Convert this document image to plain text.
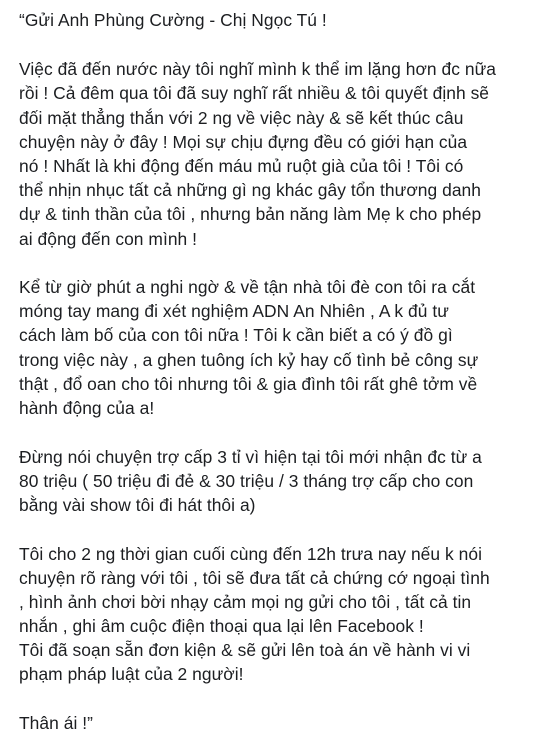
“Gửi Anh Phùng Cường - Chị Ngọc Tú !
Việc đã đến nước này tôi nghĩ mình k thể im lặng hơn đc nữa
rồi ! Cả đêm qua tôi đã suy nghĩ rất nhiều & tôi quyết định sẽ
đối mặt thẳng thắn với 2 ng về việc này & sẽ kết thúc câu
chuyện này ở đây ! Mọi sự chịu đựng đều có giới hạn của
nó ! Nhất là khi động đến máu mủ ruột già của tôi ! Tôi có
thể nhịn nhục tất cả những gì ng khác gây tổn thương danh
dự & tinh thần của tôi , nhưng bản năng làm Mẹ k cho phép
ai động đến con mình !
Kể từ giờ phút a nghi ngờ & về tận nhà tôi đè con tôi ra cắt
móng tay mang đi xét nghiệm ADN An Nhiên , A k đủ tư
cách làm bố của con tôi nữa ! Tôi k cần biết a có ý đồ gì
trong việc này , a ghen tuông ích kỷ hay cố tình bẻ công sự
thật , đổ oan cho tôi nhưng tôi & gia đình tôi rất ghê tởm về
hành động của a!
Đừng nói chuyện trợ cấp 3 tỉ vì hiện tại tôi mới nhận đc từ a
80 triệu ( 50 triệu đi đẻ & 30 triệu / 3 tháng trợ cấp cho con
bằng vài show tôi đi hát thôi a)
Tôi cho 2 ng thời gian cuối cùng đến 12h trưa nay nếu k nói
chuyện rõ ràng với tôi , tôi sẽ đưa tất cả chứng cớ ngoại tình
, hình ảnh chơi bời nhạy cảm mọi ng gửi cho tôi , tất cả tin
nhắn , ghi âm cuộc điện thoại qua lại lên Facebook !
Tôi đã soạn sẵn đơn kiện & sẽ gửi lên toà án về hành vi vi
phạm pháp luật của 2 người!
Thân ái !”
